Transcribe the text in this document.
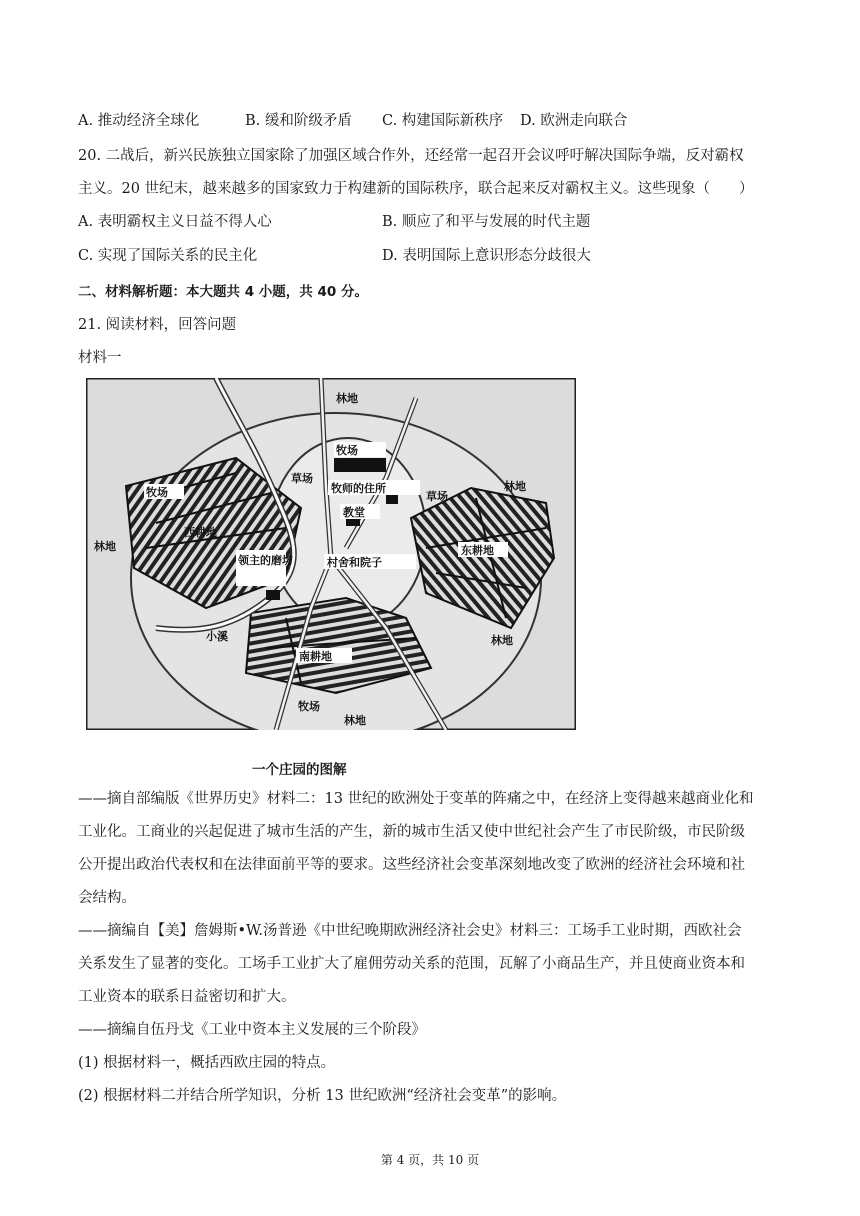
A. 推动经济全球化	B. 缓和阶级矛盾 C. 构建国际新秩序 D. 欧洲走向联合
20. 二战后，新兴民族独立国家除了加强区域合作外，还经常一起召开会议呼吁解决国际争端，反对霸权
主义。20 世纪末，越来越多的国家致力于构建新的国际秩序，联合起来反对霸权主义。这些现象（　　）
A. 表明霸权主义日益不得人心	B. 顺应了和平与发展的时代主题
C. 实现了国际关系的民主化	D. 表明国际上意识形态分歧很大
二、材料解析题：本大题共 4 小题，共 40 分。
21. 阅读材料，回答问题
材料一
林地
牧场
领主住所
牧师的住所
教堂
林地
牧场
草场
草场
西耕地
东耕地
林地
领主的磨坊	村舍和院子
小溪	林地
南耕地
牧场
林地
一个庄园的图解
——摘自部编版《世界历史》材料二：13 世纪的欧洲处于变革的阵痛之中，在经济上变得越来越商业化和
工业化。工商业的兴起促进了城市生活的产生，新的城市生活又使中世纪社会产生了市民阶级，市民阶级
公开提出政治代表权和在法律面前平等的要求。这些经济社会变革深刻地改变了欧洲的经济社会环境和社
会结构。
——摘编自【美】詹姆斯•W.汤普逊《中世纪晚期欧洲经济社会史》材料三：工场手工业时期，西欧社会
关系发生了显著的变化。工场手工业扩大了雇佣劳动关系的范围，瓦解了小商品生产，并且使商业资本和
工业资本的联系日益密切和扩大。
——摘编自伍丹戈《工业中资本主义发展的三个阶段》
(1) 根据材料一，概括西欧庄园的特点。
(2) 根据材料二并结合所学知识，分析 13 世纪欧洲“经济社会变革”的影响。
第 4 页，共 10 页
